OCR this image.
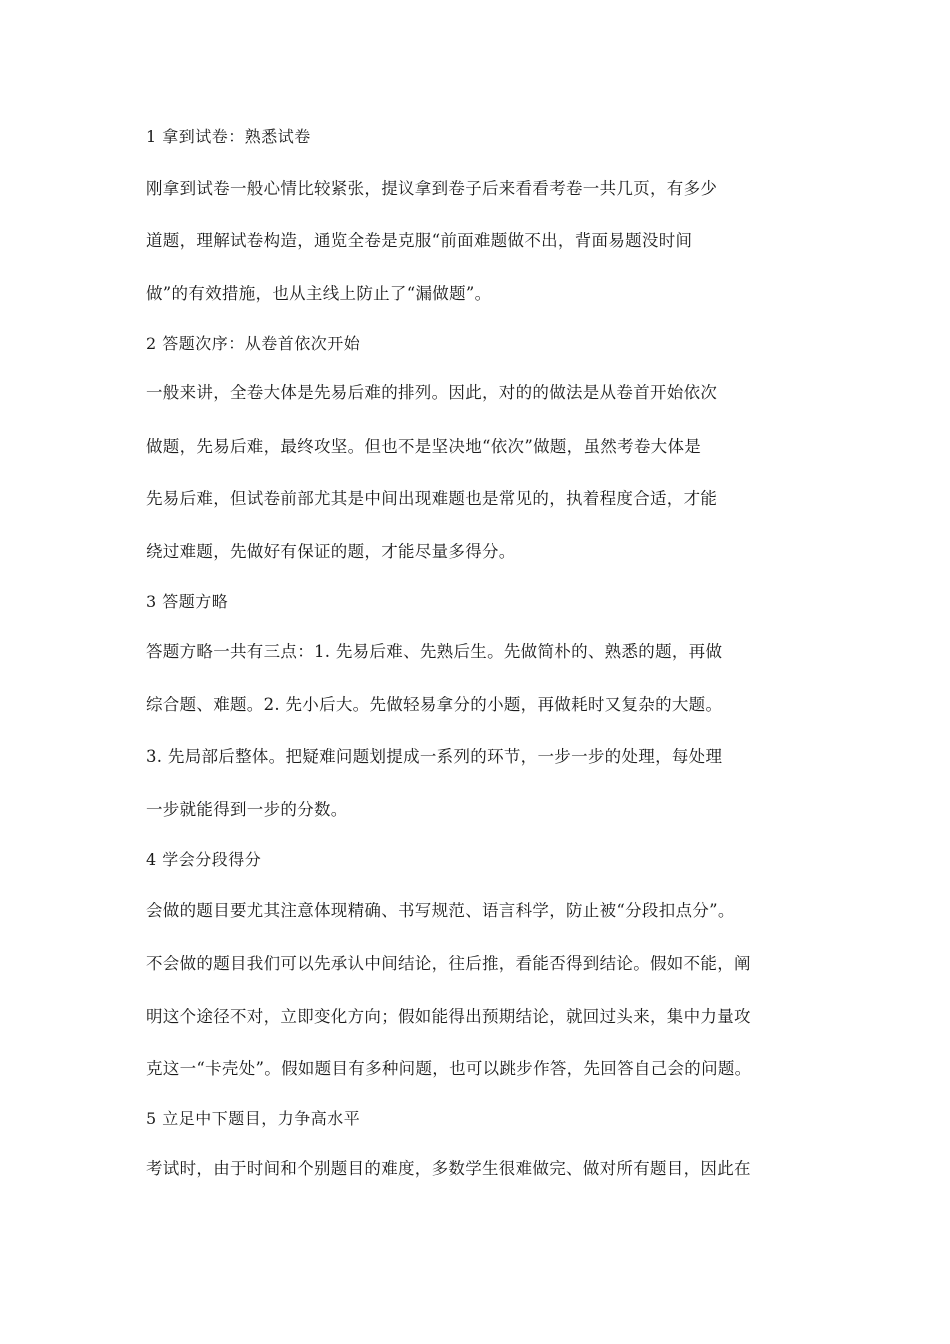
1 拿到试卷：熟悉试卷
刚拿到试卷一般心情比较紧张，提议拿到卷子后来看看考卷一共几页，有多少
道题，理解试卷构造，通览全卷是克服“前面难题做不出，背面易题没时间
做”的有效措施，也从主线上防止了“漏做题”。
2 答题次序：从卷首依次开始
一般来讲，全卷大体是先易后难的排列。因此，对的的做法是从卷首开始依次
做题，先易后难，最终攻坚。但也不是坚决地“依次”做题，虽然考卷大体是
先易后难，但试卷前部尤其是中间出现难题也是常见的，执着程度合适，才能
绕过难题，先做好有保证的题，才能尽量多得分。
3 答题方略
答题方略一共有三点：1. 先易后难、先熟后生。先做简朴的、熟悉的题，再做
综合题、难题。2. 先小后大。先做轻易拿分的小题，再做耗时又复杂的大题。
3. 先局部后整体。把疑难问题划提成一系列的环节，一步一步的处理，每处理
一步就能得到一步的分数。
4 学会分段得分
会做的题目要尤其注意体现精确、书写规范、语言科学，防止被“分段扣点分”。
不会做的题目我们可以先承认中间结论，往后推，看能否得到结论。假如不能，阐
明这个途径不对，立即变化方向；假如能得出预期结论，就回过头来，集中力量攻
克这一“卡壳处”。假如题目有多种问题，也可以跳步作答，先回答自己会的问题。
5 立足中下题目，力争高水平
考试时，由于时间和个别题目的难度，多数学生很难做完、做对所有题目，因此在
